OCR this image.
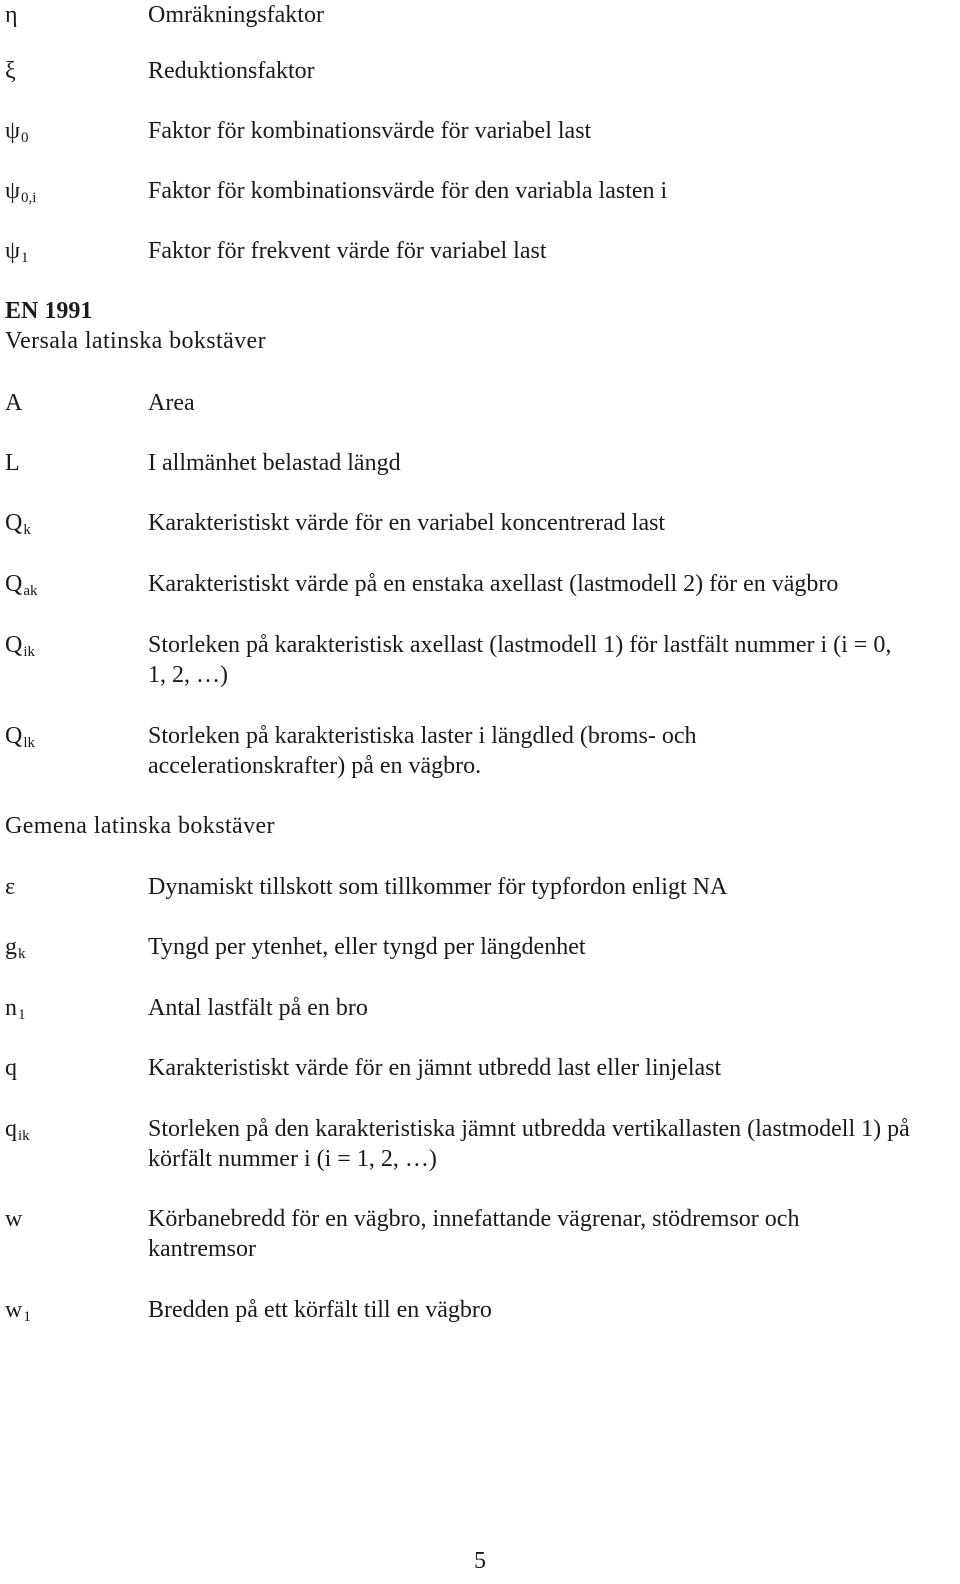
η	Omräkningsfaktor
ξ	Reduktionsfaktor
$\psi_0$	Faktor för kombinationsvärde för variabel last
$\psi_{0,i}$	Faktor för kombinationsvärde för den variabla lasten i
$\psi_1$	Faktor för frekvent värde för variabel last
EN 1991
Versala latinska bokstäver
A	Area
L	I allmänhet belastad längd
$Q_k$	Karakteristiskt värde för en variabel koncentrerad last
$Q_{ak}$	Karakteristiskt värde på en enstaka axellast (lastmodell 2) för en vägbro
$Q_{ik}$	Storleken på karakteristisk axellast (lastmodell 1) för lastfält nummer i (i = 0, 1, 2, …)
$Q_{lk}$	Storleken på karakteristiska laster i längdled (broms- och accelerationskrafter) på en vägbro.
Gemena latinska bokstäver
ε	Dynamiskt tillskott som tillkommer för typfordon enligt NA
$g_k$	Tyngd per ytenhet, eller tyngd per längdenhet
$n_1$	Antal lastfält på en bro
q	Karakteristiskt värde för en jämnt utbredd last eller linjelast
$q_{ik}$	Storleken på den karakteristiska jämnt utbredda vertikallasten (lastmodell 1) på körfält nummer i (i = 1, 2, …)
w	Körbanebredd för en vägbro, innefattande vägrenar, stödremsor och kantremsor
$w_1$	Bredden på ett körfält till en vägbro
5
